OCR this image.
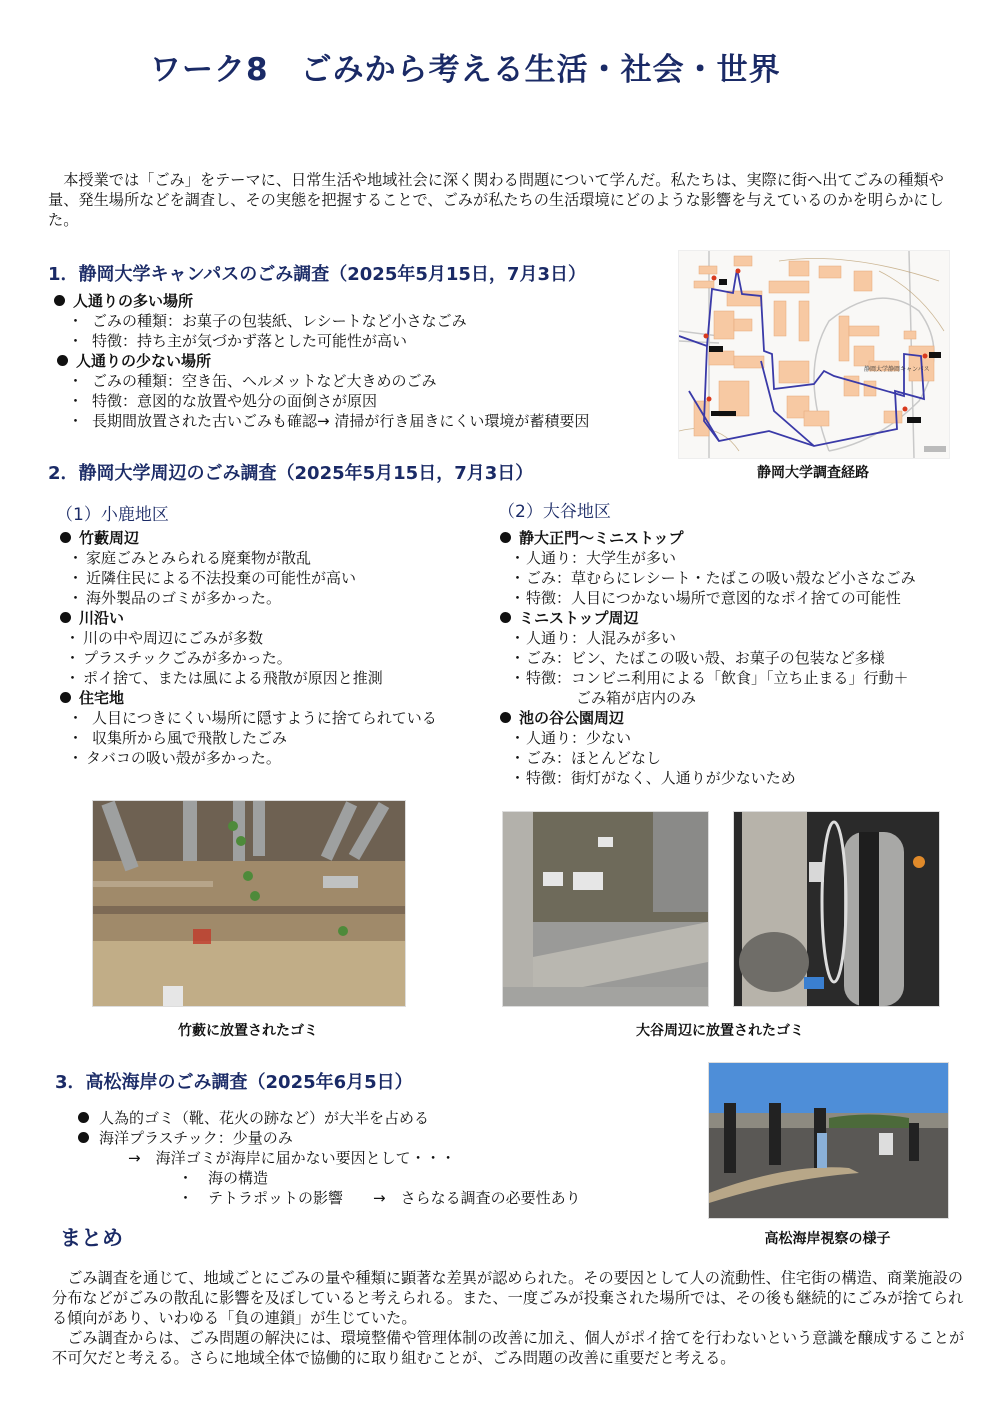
ワーク8　ごみから考える生活・社会・世界

本授業では「ごみ」をテーマに、日常生活や地域社会に深く関わる問題について学んだ。私たちは、実際に街へ出てごみの種類や量、発生場所などを調査し、その実態を把握することで、ごみが私たちの生活環境にどのような影響を与えているのかを明らかにした。

1．静岡大学キャンパスのごみ調査（2025年5月15日，7月3日）
人通りの多い場所
・ ごみの種類：お菓子の包装紙、レシートなど小さなごみ
・ 特徴：持ち主が気づかず落とした可能性が高い
人通りの少ない場所
・ ごみの種類：空き缶、ヘルメットなど大きめのごみ
・ 特徴：意図的な放置や処分の面倒さが原因
・ 長期間放置された古いごみも確認→ 清掃が行き届きにくい環境が蓄積要因
静岡大学静岡キャンパス
静岡大学調査経路
2．静岡大学周辺のごみ調査（2025年5月15日，7月3日）
（1）小鹿地区
竹藪周辺
・ 家庭ごみとみられる廃棄物が散乱
・ 近隣住民による不法投棄の可能性が高い
・ 海外製品のゴミが多かった。
川沿い
・ 川の中や周辺にごみが多数
・ プラスチックごみが多かった。
・ ポイ捨て、または風による飛散が原因と推測
住宅地
・ 人目につきにくい場所に隠すように捨てられている
・ 収集所から風で飛散したごみ
・ タバコの吸い殻が多かった。
（2）大谷地区
静大正門～ミニストップ
・人通り：大学生が多い
・ごみ：草むらにレシート・たばこの吸い殻など小さなごみ
・特徴：人目につかない場所で意図的なポイ捨ての可能性
ミニストップ周辺
・人通り：人混みが多い
・ごみ：ビン、たばこの吸い殻、お菓子の包装など多様
・特徴：コンビニ利用による「飲食」「立ち止まる」行動＋
ごみ箱が店内のみ
池の谷公園周辺
・人通り：少ない
・ごみ：ほとんどなし
・特徴：街灯がなく、人通りが少ないため
竹藪に放置されたゴミ	大谷周辺に放置されたゴミ
3．高松海岸のごみ調査（2025年6月5日）
人為的ゴミ（靴、花火の跡など）が大半を占める
海洋プラスチック：少量のみ
→　海洋ゴミが海岸に届かない要因として・・・
・　海の構造
・　テトラポットの影響　　→　さらなる調査の必要性あり
高松海岸視察の様子
まとめ

ごみ調査を通じて、地域ごとにごみの量や種類に顕著な差異が認められた。その要因として人の流動性、住宅街の構造、商業施設の分布などがごみの散乱に影響を及ぼしていると考えられる。また、一度ごみが投棄された場所では、その後も継続的にごみが捨てられる傾向があり、いわゆる「負の連鎖」が生じていた。

ごみ調査からは、ごみ問題の解決には、環境整備や管理体制の改善に加え、個人がポイ捨てを行わないという意識を醸成することが不可欠だと考える。さらに地域全体で協働的に取り組むことが、ごみ問題の改善に重要だと考える。
